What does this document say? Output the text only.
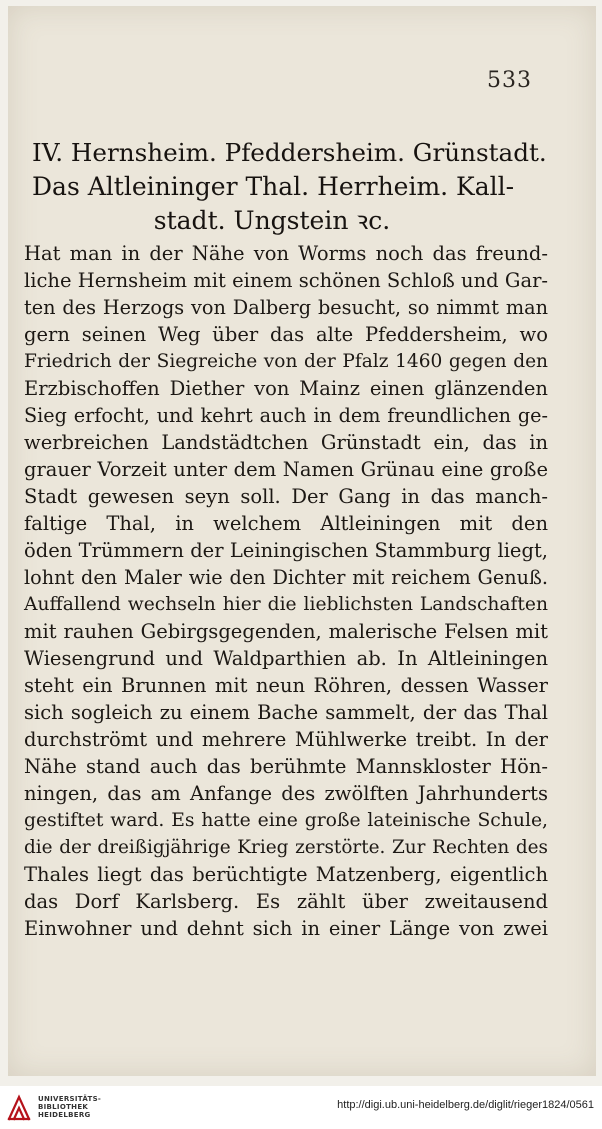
533
IV. Hernsheim. Pfeddersheim. Grünstadt.
Das Altleininger Thal. Herrheim. Kall-
stadt. Ungstein ꝛc.
Hat man in der Nähe von Worms noch das freund-
liche Hernsheim mit einem schönen Schloß und Gar-
ten des Herzogs von Dalberg besucht, so nimmt man
gern seinen Weg über das alte Pfeddersheim, wo
Friedrich der Siegreiche von der Pfalz 1460 gegen den
Erzbischoffen Diether von Mainz einen glänzenden
Sieg erfocht, und kehrt auch in dem freundlichen ge-
werbreichen Landstädtchen Grünstadt ein, das in
grauer Vorzeit unter dem Namen Grünau eine große
Stadt gewesen seyn soll. Der Gang in das manch-
faltige Thal, in welchem Altleiningen mit den
öden Trümmern der Leiningischen Stammburg liegt,
lohnt den Maler wie den Dichter mit reichem Genuß.
Auffallend wechseln hier die lieblichsten Landschaften
mit rauhen Gebirgsgegenden, malerische Felsen mit
Wiesengrund und Waldparthien ab. In Altleiningen
steht ein Brunnen mit neun Röhren, dessen Wasser
sich sogleich zu einem Bache sammelt, der das Thal
durchströmt und mehrere Mühlwerke treibt. In der
Nähe stand auch das berühmte Mannskloster Hön-
ningen, das am Anfange des zwölften Jahrhunderts
gestiftet ward. Es hatte eine große lateinische Schule,
die der dreißigjährige Krieg zerstörte. Zur Rechten des
Thales liegt das berüchtigte Matzenberg, eigentlich
das Dorf Karlsberg. Es zählt über zweitausend
Einwohner und dehnt sich in einer Länge von zwei
UNIVERSITÄTS-
BIBLIOTHEK
HEIDELBERG
http://digi.ub.uni-heidelberg.de/diglit/rieger1824/0561
